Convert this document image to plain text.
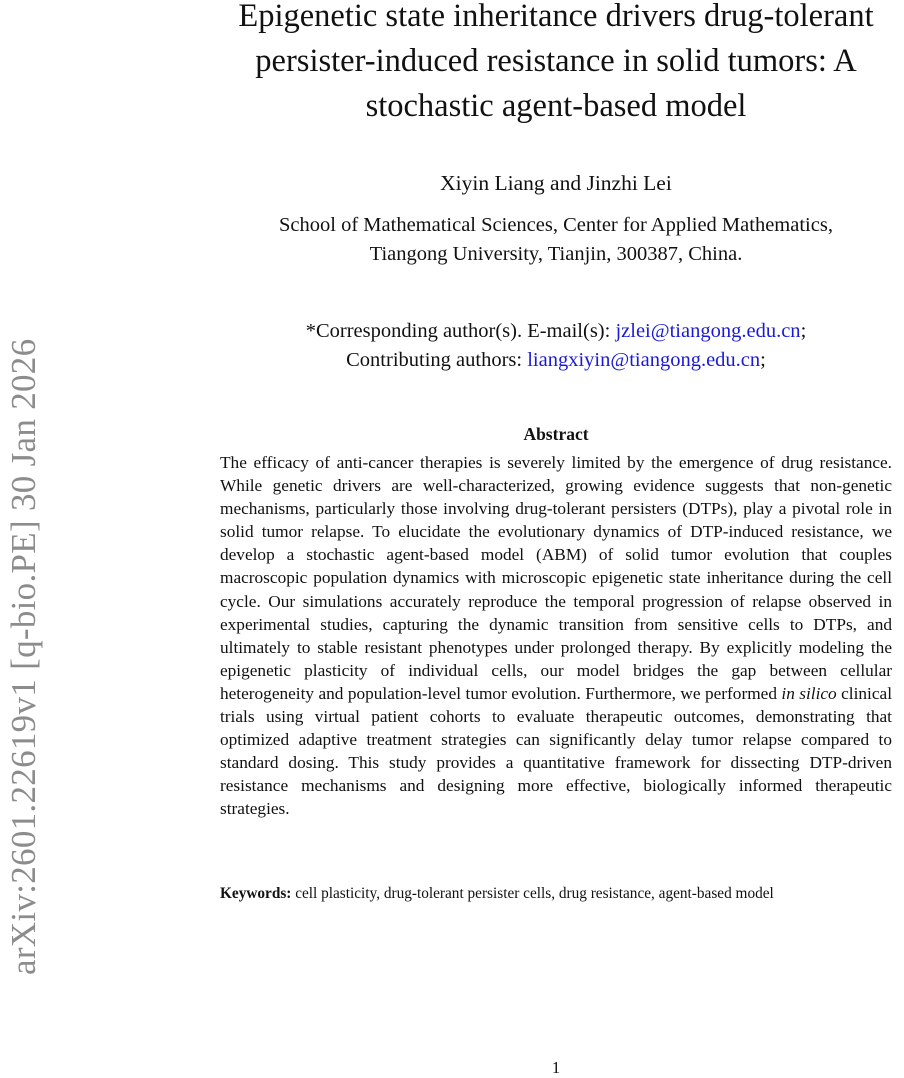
arXiv:2601.22619v1 [q-bio.PE] 30 Jan 2026
Epigenetic state inheritance drivers drug-tolerant persister-induced resistance in solid tumors: A stochastic agent-based model
Xiyin Liang and Jinzhi Lei
School of Mathematical Sciences, Center for Applied Mathematics,
Tiangong University, Tianjin, 300387, China.
*Corresponding author(s). E-mail(s): jzlei@tiangong.edu.cn;
Contributing authors: liangxiyin@tiangong.edu.cn;
Abstract

The efficacy of anti-cancer therapies is severely limited by the emergence of drug resistance. While genetic drivers are well-characterized, growing evidence suggests that non-genetic mechanisms, particularly those involving drug-tolerant persisters (DTPs), play a pivotal role in solid tumor relapse. To elucidate the evolutionary dynamics of DTP-induced resistance, we develop a stochastic agent-based model (ABM) of solid tumor evolution that couples macroscopic population dynamics with microscopic epigenetic state inheritance during the cell cycle. Our simulations accurately reproduce the temporal progression of relapse observed in experimental studies, capturing the dynamic transition from sensitive cells to DTPs, and ultimately to stable resistant phenotypes under prolonged therapy. By explicitly modeling the epigenetic plasticity of individual cells, our model bridges the gap between cellular heterogeneity and population-level tumor evolution. Furthermore, we performed in silico clinical trials using virtual patient cohorts to evaluate therapeutic outcomes, demonstrating that optimized adaptive treatment strategies can significantly delay tumor relapse compared to standard dosing. This study provides a quantitative framework for dissecting DTP-driven resistance mechanisms and designing more effective, biologically informed therapeutic strategies.

Keywords: cell plasticity, drug-tolerant persister cells, drug resistance, agent-based model
1
